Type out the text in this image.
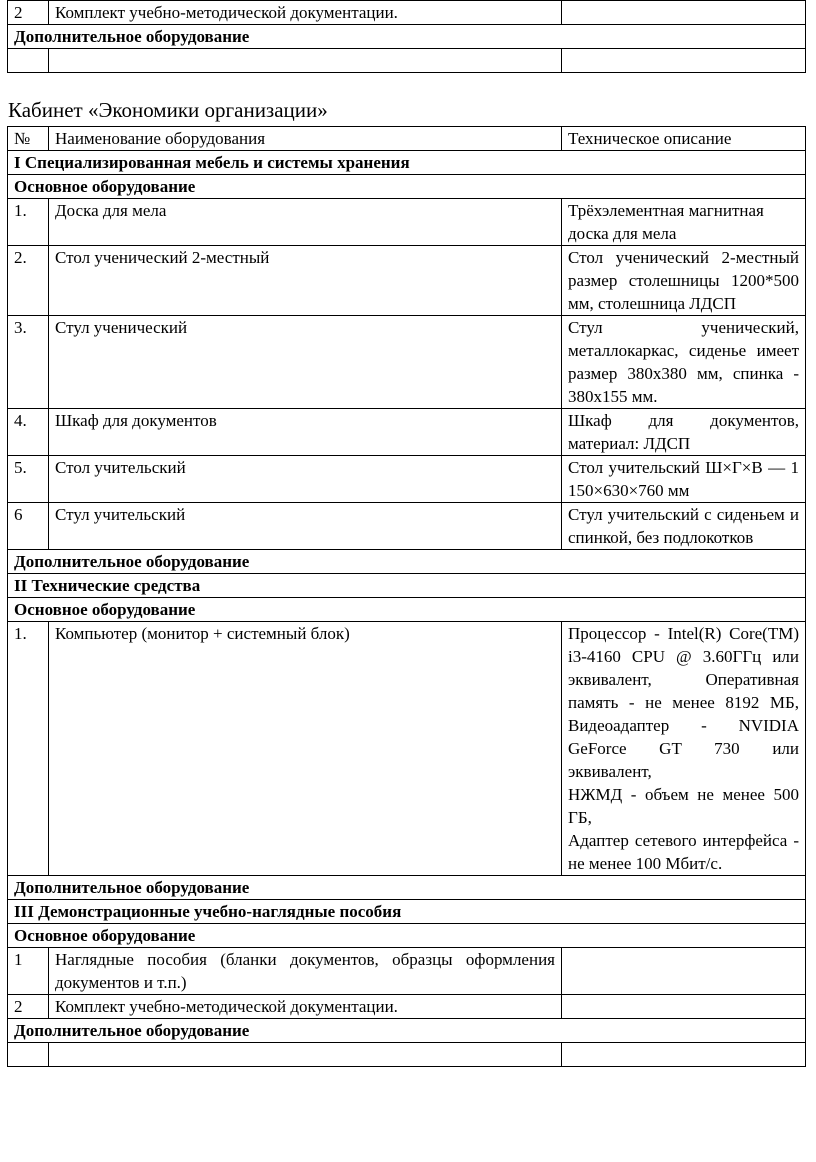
2	Комплект учебно-методической документации.	
Дополнительное оборудование		

Кабинет «Экономики организации»
№	Наименование оборудования	Техническое описание
I Специализированная мебель и системы хранения		
Основное оборудование		
1.	Доска для мела	Трёхэлементная магнитная доска для мела
2.	Стол ученический 2-местный	Стол ученический 2-местный размер столешницы 1200*500 мм, столешница ЛДСП
3.	Стул ученический	Стул ученический, металлокаркас, сиденье имеет размер 380х380 мм, спинка - 380х155 мм.
4.	Шкаф для документов	Шкаф для документов, материал: ЛДСП
5.	Стол учительский	Стол учительский Ш×Г×В — 1 150×630×760 мм
6	Стул учительский	Стул учительский с сиденьем и спинкой, без подлокотков
Дополнительное оборудование		
II Технические средства		
Основное оборудование		
1.	Компьютер (монитор + системный блок)	Процессор - Intel(R) Core(TM) i3-4160 CPU @ 3.60ГГц или эквивалент, Оперативная память - не менее 8192 МБ, Видеоадаптер - NVIDIA GeForce GT 730 или эквивалент,
НЖМД - объем не менее 500 ГБ,
Адаптер сетевого интерфейса - не менее 100 Мбит/с.

Дополнительное оборудование		
III Демонстрационные учебно-наглядные пособия		
Основное оборудование		
1	Наглядные пособия (бланки документов, образцы оформления документов и т.п.)	
2	Комплект учебно-методической документации.	
Дополнительное оборудование		
